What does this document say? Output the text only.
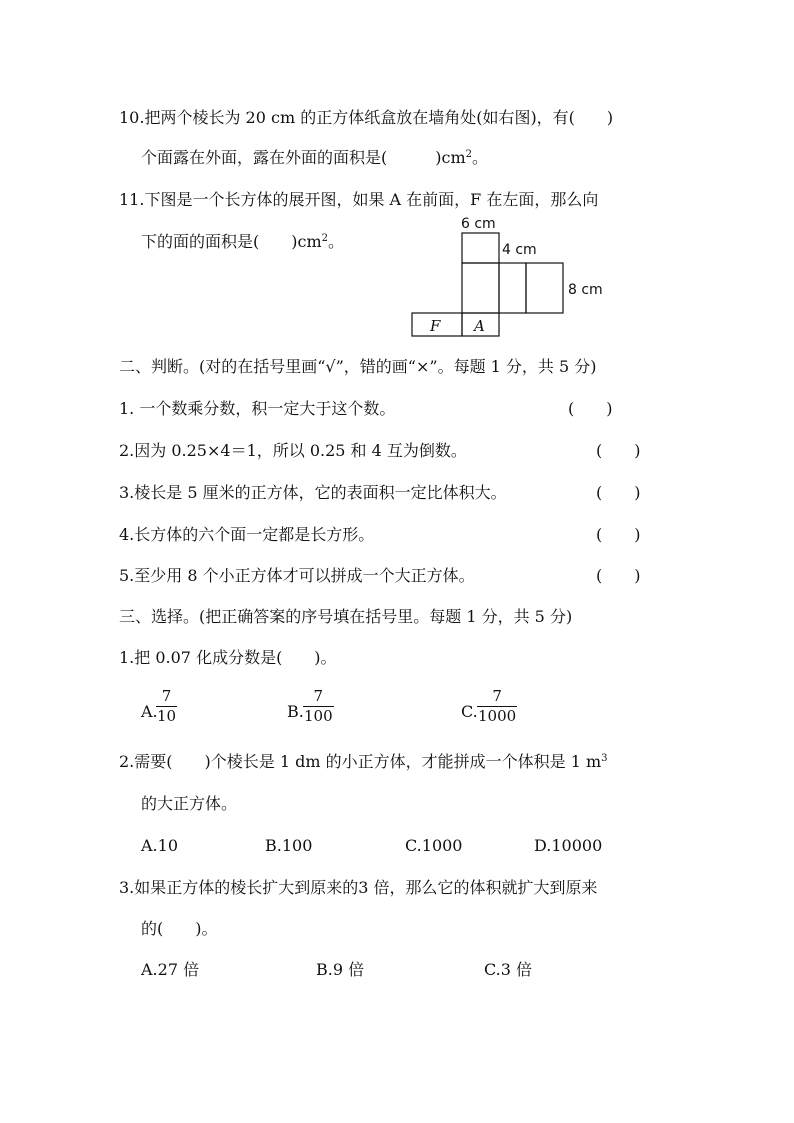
10.把两个棱长为 20 cm 的正方体纸盒放在墙角处(如右图)，有(　　)
个面露在外面，露在外面的面积是(　　　)$cm^2$。
11.下图是一个长方体的展开图，如果 A 在前面，F 在左面，那么向
下的面的面积是(　　)$cm^2$。
6 cm
4 cm
8 cm
F A
二、判断。(对的在括号里画“√”，错的画“×”。每题 1 分，共 5 分)
1. 一个数乘分数，积一定大于这个数。	(　　)
2.因为 0.25×4＝1，所以 0.25 和 4 互为倒数。	(　　)
3.棱长是 5 厘米的正方体，它的表面积一定比体积大。	(　　)
4.长方体的六个面一定都是长方形。	(　　)
5.至少用 8 个小正方体才可以拼成一个大正方体。	(　　)
三、选择。(把正确答案的序号填在括号里。每题 1 分，共 5 分)
1.把 0.07 化成分数是(　　)。
A.
7
10	B.
7
100	C.
7
1000
2.需要(　　)个棱长是 1 dm 的小正方体，才能拼成一个体积是 1 $m^3$
的大正方体。
A.10	B.100	C.1000	D.10000
3.如果正方体的棱长扩大到原来的3 倍，那么它的体积就扩大到原来
的(　　)。
A.27 倍	B.9 倍	C.3 倍
